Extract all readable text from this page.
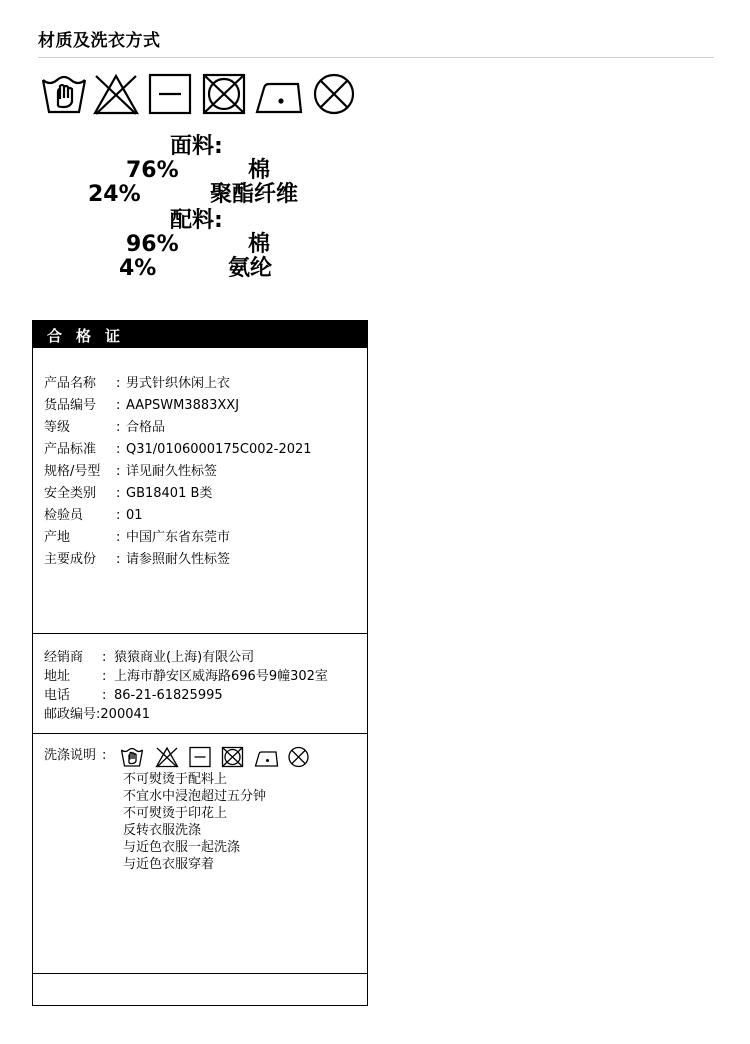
材质及洗衣方式
面料:
76%	棉
24%	聚酯纤维
配料:
96%	棉
4%	氨纶
合格证
产品名称 : 男式针织休闲上衣
货品编号 : AAPSWM3883XXJ
等级	: 合格品
产品标准 : Q31/0106000175C002-2021
规格/号型 : 详见耐久性标签
安全类别 : GB18401 B类
检验员	: 01
产地	: 中国广东省东莞市
主要成份 : 请参照耐久性标签
经销商 : 猿猿商业(上海)有限公司
地址 : 上海市静安区威海路696号9幢302室
电话 : 86-21-61825995
邮政编号:200041
洗涤说明 :
不可熨烫于配料上
不宜水中浸泡超过五分钟
不可熨烫于印花上
反转衣服洗涤
与近色衣服一起洗涤
与近色衣服穿着
